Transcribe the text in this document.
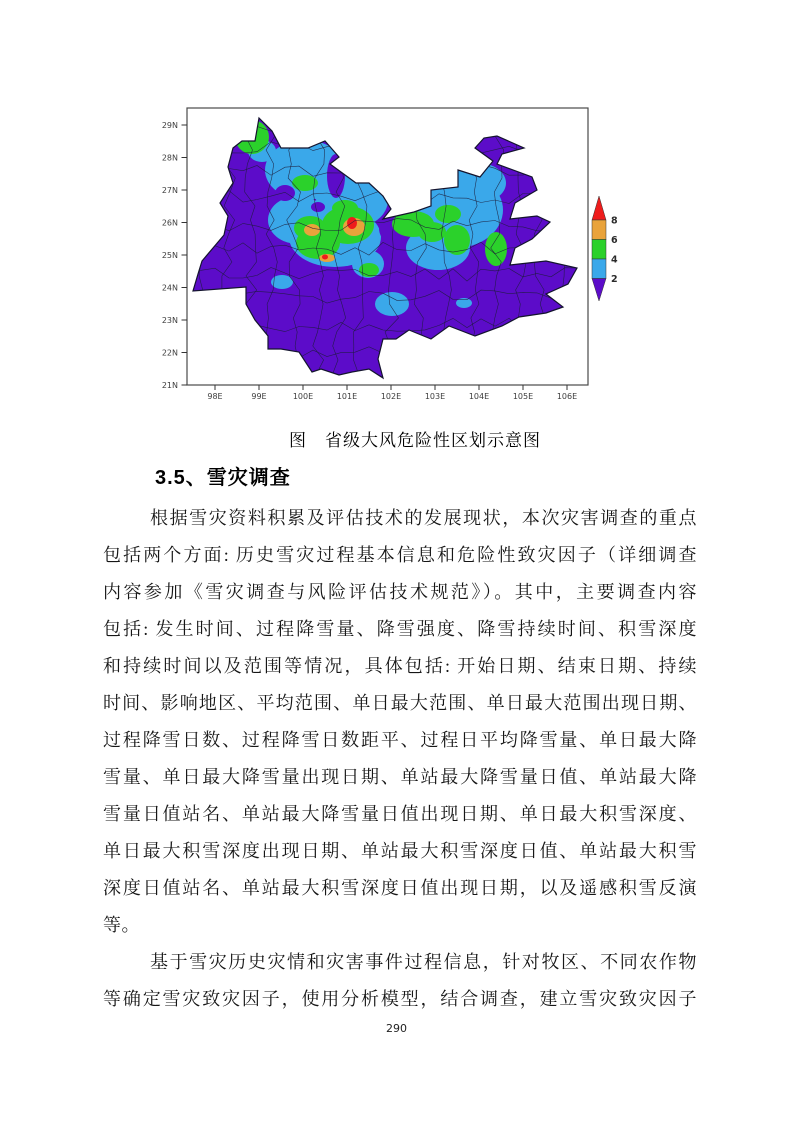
29N
28N
27N
26N
25N
24N
23N
22N
21N
98E	99E	100E	101E	102E	103E	104E	105E	106E
8
6
4
2
图　省级大风危险性区划示意图
3.5、雪灾调查
根据雪灾资料积累及评估技术的发展现状，本次灾害调查的重点
包括两个方面: 历史雪灾过程基本信息和危险性致灾因子（详细调查
内容参加《雪灾调查与风险评估技术规范》）。其中，主要调查内容
包括: 发生时间、过程降雪量、降雪强度、降雪持续时间、积雪深度
和持续时间以及范围等情况，具体包括: 开始日期、结束日期、持续
时间、影响地区、平均范围、单日最大范围、单日最大范围出现日期、
过程降雪日数、过程降雪日数距平、过程日平均降雪量、单日最大降
雪量、单日最大降雪量出现日期、单站最大降雪量日值、单站最大降
雪量日值站名、单站最大降雪量日值出现日期、单日最大积雪深度、
单日最大积雪深度出现日期、单站最大积雪深度日值、单站最大积雪
深度日值站名、单站最大积雪深度日值出现日期，以及遥感积雪反演
等。
基于雪灾历史灾情和灾害事件过程信息，针对牧区、不同农作物
等确定雪灾致灾因子，使用分析模型，结合调查，建立雪灾致灾因子
290
